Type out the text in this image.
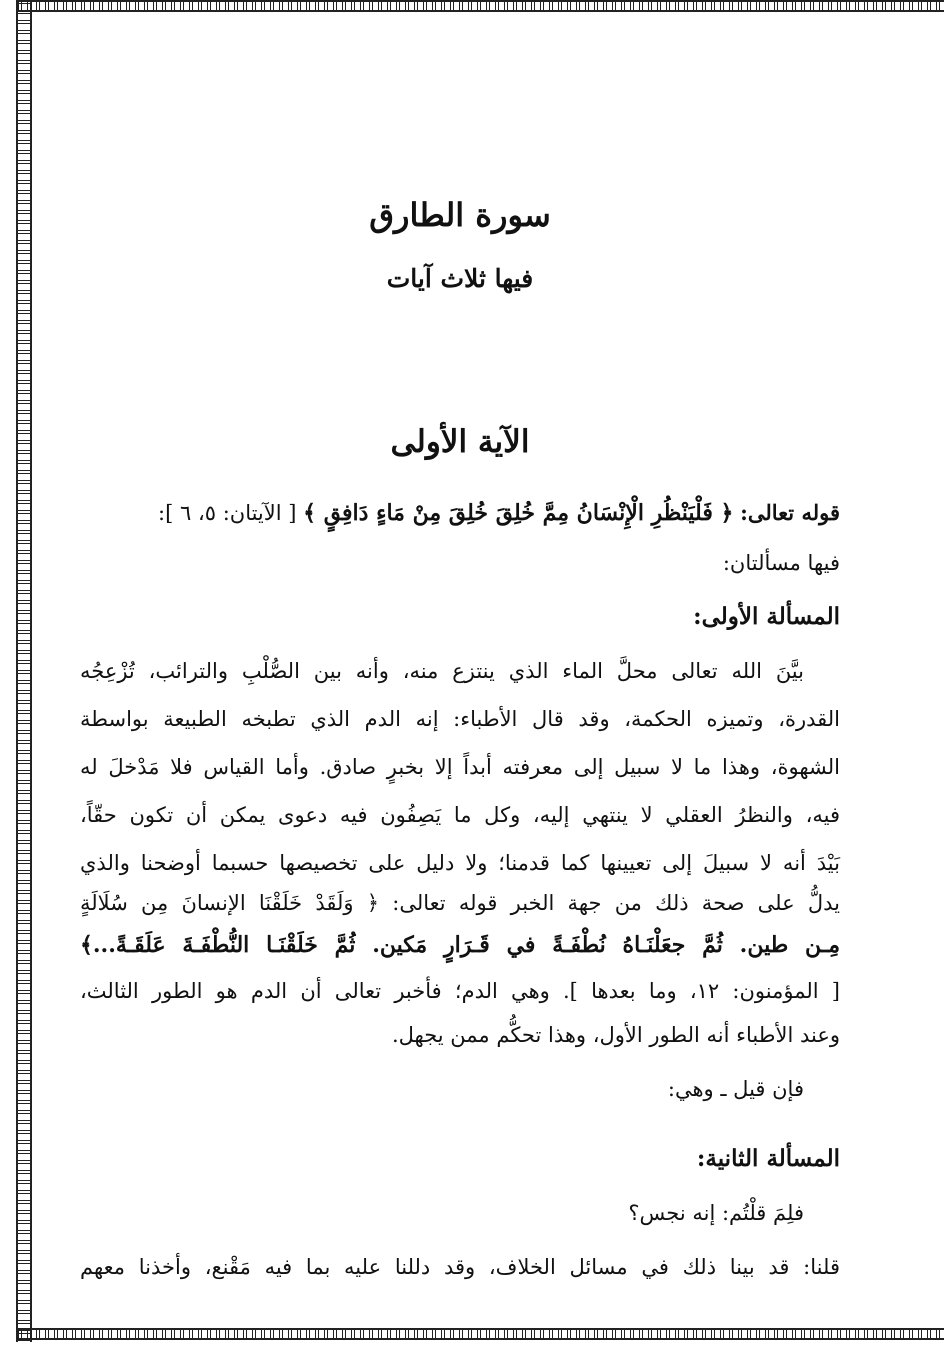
سورة الطارق
فيها ثلاث آيات
الآية الأولى
قوله تعالى: ﴿ فَلْيَنْظُرِ الْإِنْسَانُ مِمَّ خُلِقَ خُلِقَ مِنْ مَاءٍ دَافِقٍ ﴾ [ الآيتان: ٥، ٦ ]:
فيها مسألتان:
المسألة الأولى:
بيَّنَ الله تعالى محلَّ الماء الذي ينتزع منه، وأنه بين الصُّلْبِ والترائب، تُزْعِجُه
القدرة، وتميزه الحكمة، وقد قال الأطباء: إنه الدم الذي تطبخه الطبيعة بواسطة
الشهوة، وهذا ما لا سبيل إلى معرفته أبداً إلا بخبرٍ صادق. وأما القياس فلا مَدْخلَ له
فيه، والنظرُ العقلي لا ينتهي إليه، وكل ما يَصِفُون فيه دعوى يمكن أن تكون حقّاً،
بَيْدَ أنه لا سبيلَ إلى تعيينها كما قدمنا؛ ولا دليل على تخصيصها حسبما أوضحنا والذي
يدلُّ على صحة ذلك من جهة الخبر قوله تعالى: ﴿ وَلَقَدْ خَلَقْنَا الإنسانَ مِن سُلَالَةٍ
مِـن طين. ثُمَّ جعَلْنَـاهُ نُطْفَـةً في قَـرَارٍ مَكين. ثُمَّ خَلَقْنَـا النُّطْفَـةَ عَلَقَـةً...﴾
[ المؤمنون: ١٢، وما بعدها ]. وهي الدم؛ فأخبر تعالى أن الدم هو الطور الثالث،
وعند الأطباء أنه الطور الأول، وهذا تحكُّم ممن يجهل.
فإن قيل ـ وهي:
المسألة الثانية:
فلِمَ قلْتُم: إنه نجس؟
قلنا: قد بينا ذلك في مسائل الخلاف، وقد دللنا عليه بما فيه مَقْنع، وأخذنا معهم
